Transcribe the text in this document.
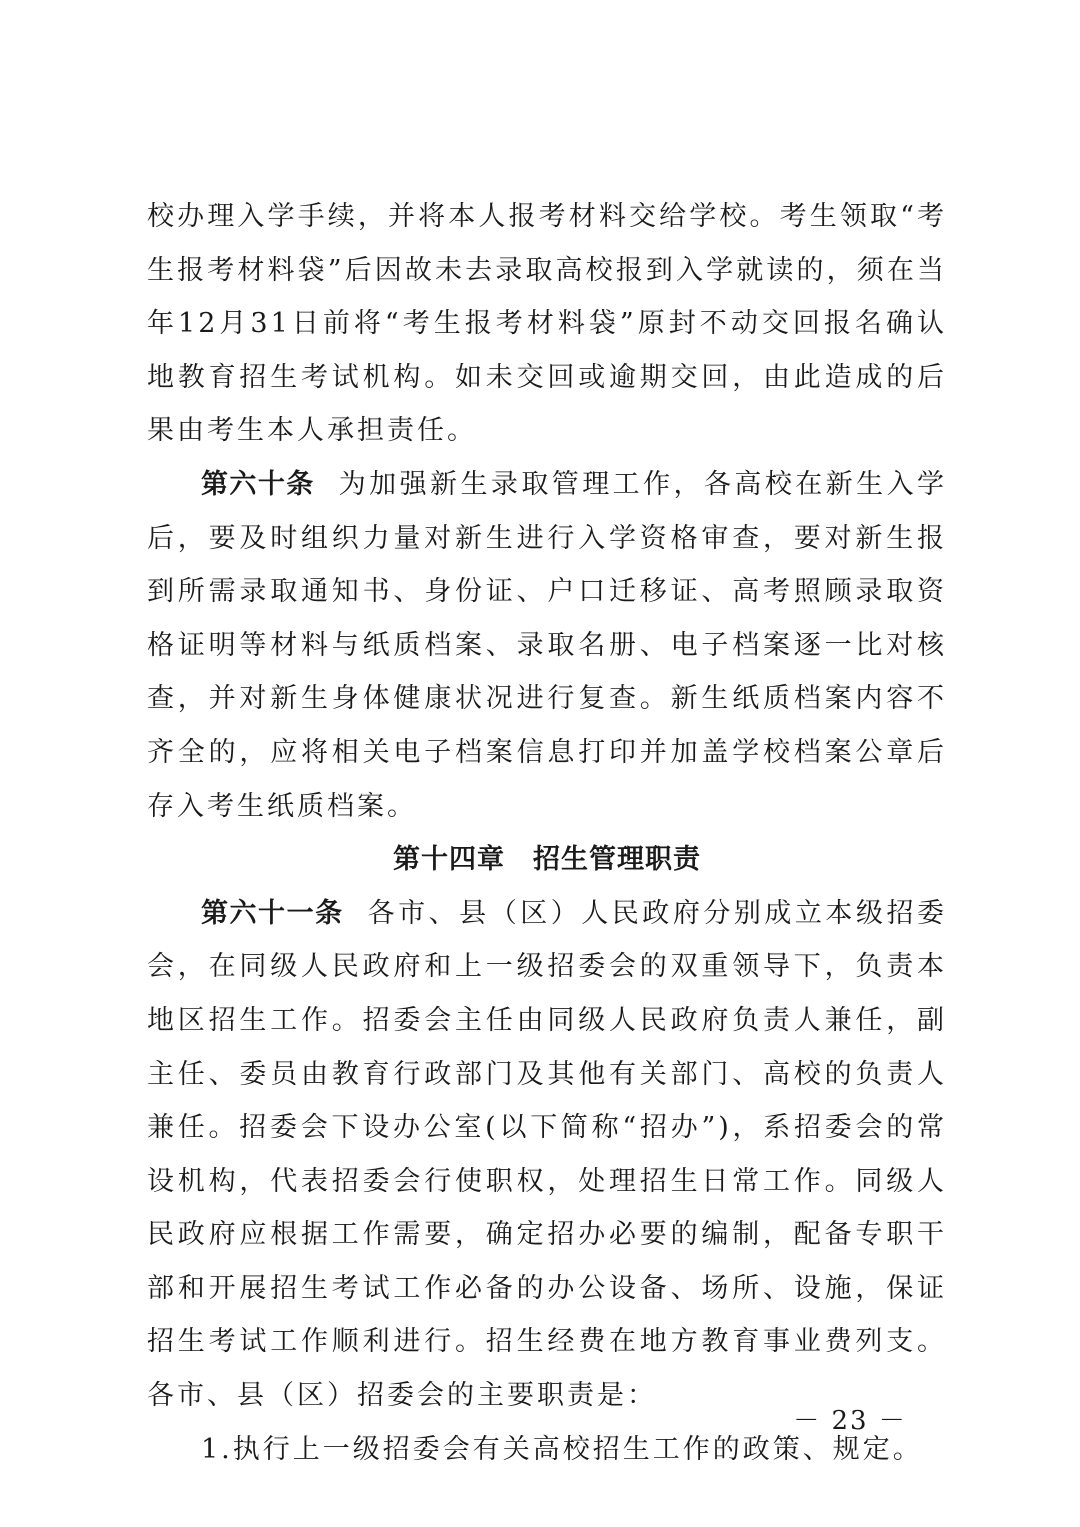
校办理入学手续，并将本人报考材料交给学校。考生领取“考生报考材料袋”后因故未去录取高校报到入学就读的，须在当年12月31日前将“考生报考材料袋”原封不动交回报名确认地教育招生考试机构。如未交回或逾期交回，由此造成的后果由考生本人承担责任。

第六十条 为加强新生录取管理工作，各高校在新生入学后，要及时组织力量对新生进行入学资格审查，要对新生报到所需录取通知书、身份证、户口迁移证、高考照顾录取资格证明等材料与纸质档案、录取名册、电子档案逐一比对核查，并对新生身体健康状况进行复查。新生纸质档案内容不齐全的，应将相关电子档案信息打印并加盖学校档案公章后存入考生纸质档案。

第十四章 招生管理职责

第六十一条 各市、县（区）人民政府分别成立本级招委会，在同级人民政府和上一级招委会的双重领导下，负责本地区招生工作。招委会主任由同级人民政府负责人兼任，副主任、委员由教育行政部门及其他有关部门、高校的负责人兼任。招委会下设办公室(以下简称“招办”)，系招委会的常设机构，代表招委会行使职权，处理招生日常工作。同级人民政府应根据工作需要，确定招办必要的编制，配备专职干部和开展招生考试工作必备的办公设备、场所、设施，保证招生考试工作顺利进行。招生经费在地方教育事业费列支。各市、县（区）招委会的主要职责是：

1.执行上一级招委会有关高校招生工作的政策、规定。

－ 23 －
